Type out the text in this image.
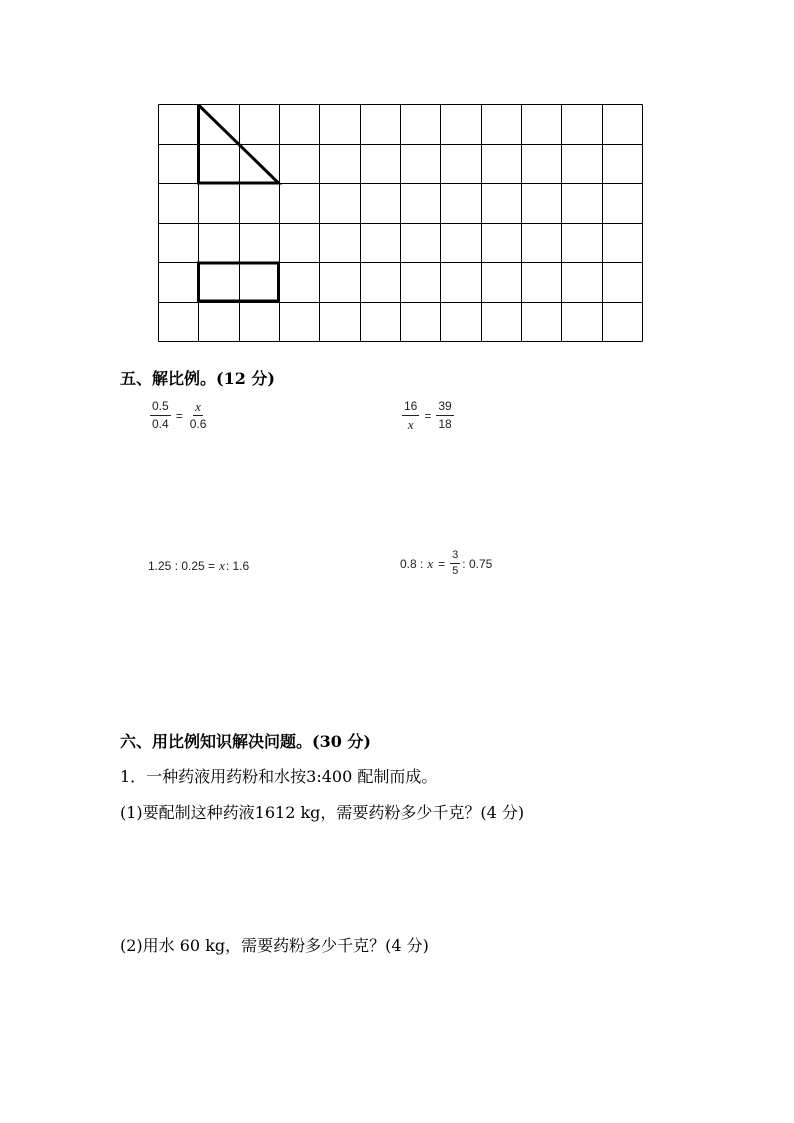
五、解比例。(12 分)
$\frac{0.5}{0.4} = \frac{x}{0.6}$	$\frac{16}{x} = \frac{39}{18}$
1.25 : 0.25 = x : 1.6	0.8 : $x = \frac{3}{5}$ : 0.75
六、用比例知识解决问题。(30 分)
1．一种药液用药粉和水按3:400 配制而成。
(1)要配制这种药液1612 kg，需要药粉多少千克？(4 分)
(2)用水 60 kg，需要药粉多少千克？(4 分)
